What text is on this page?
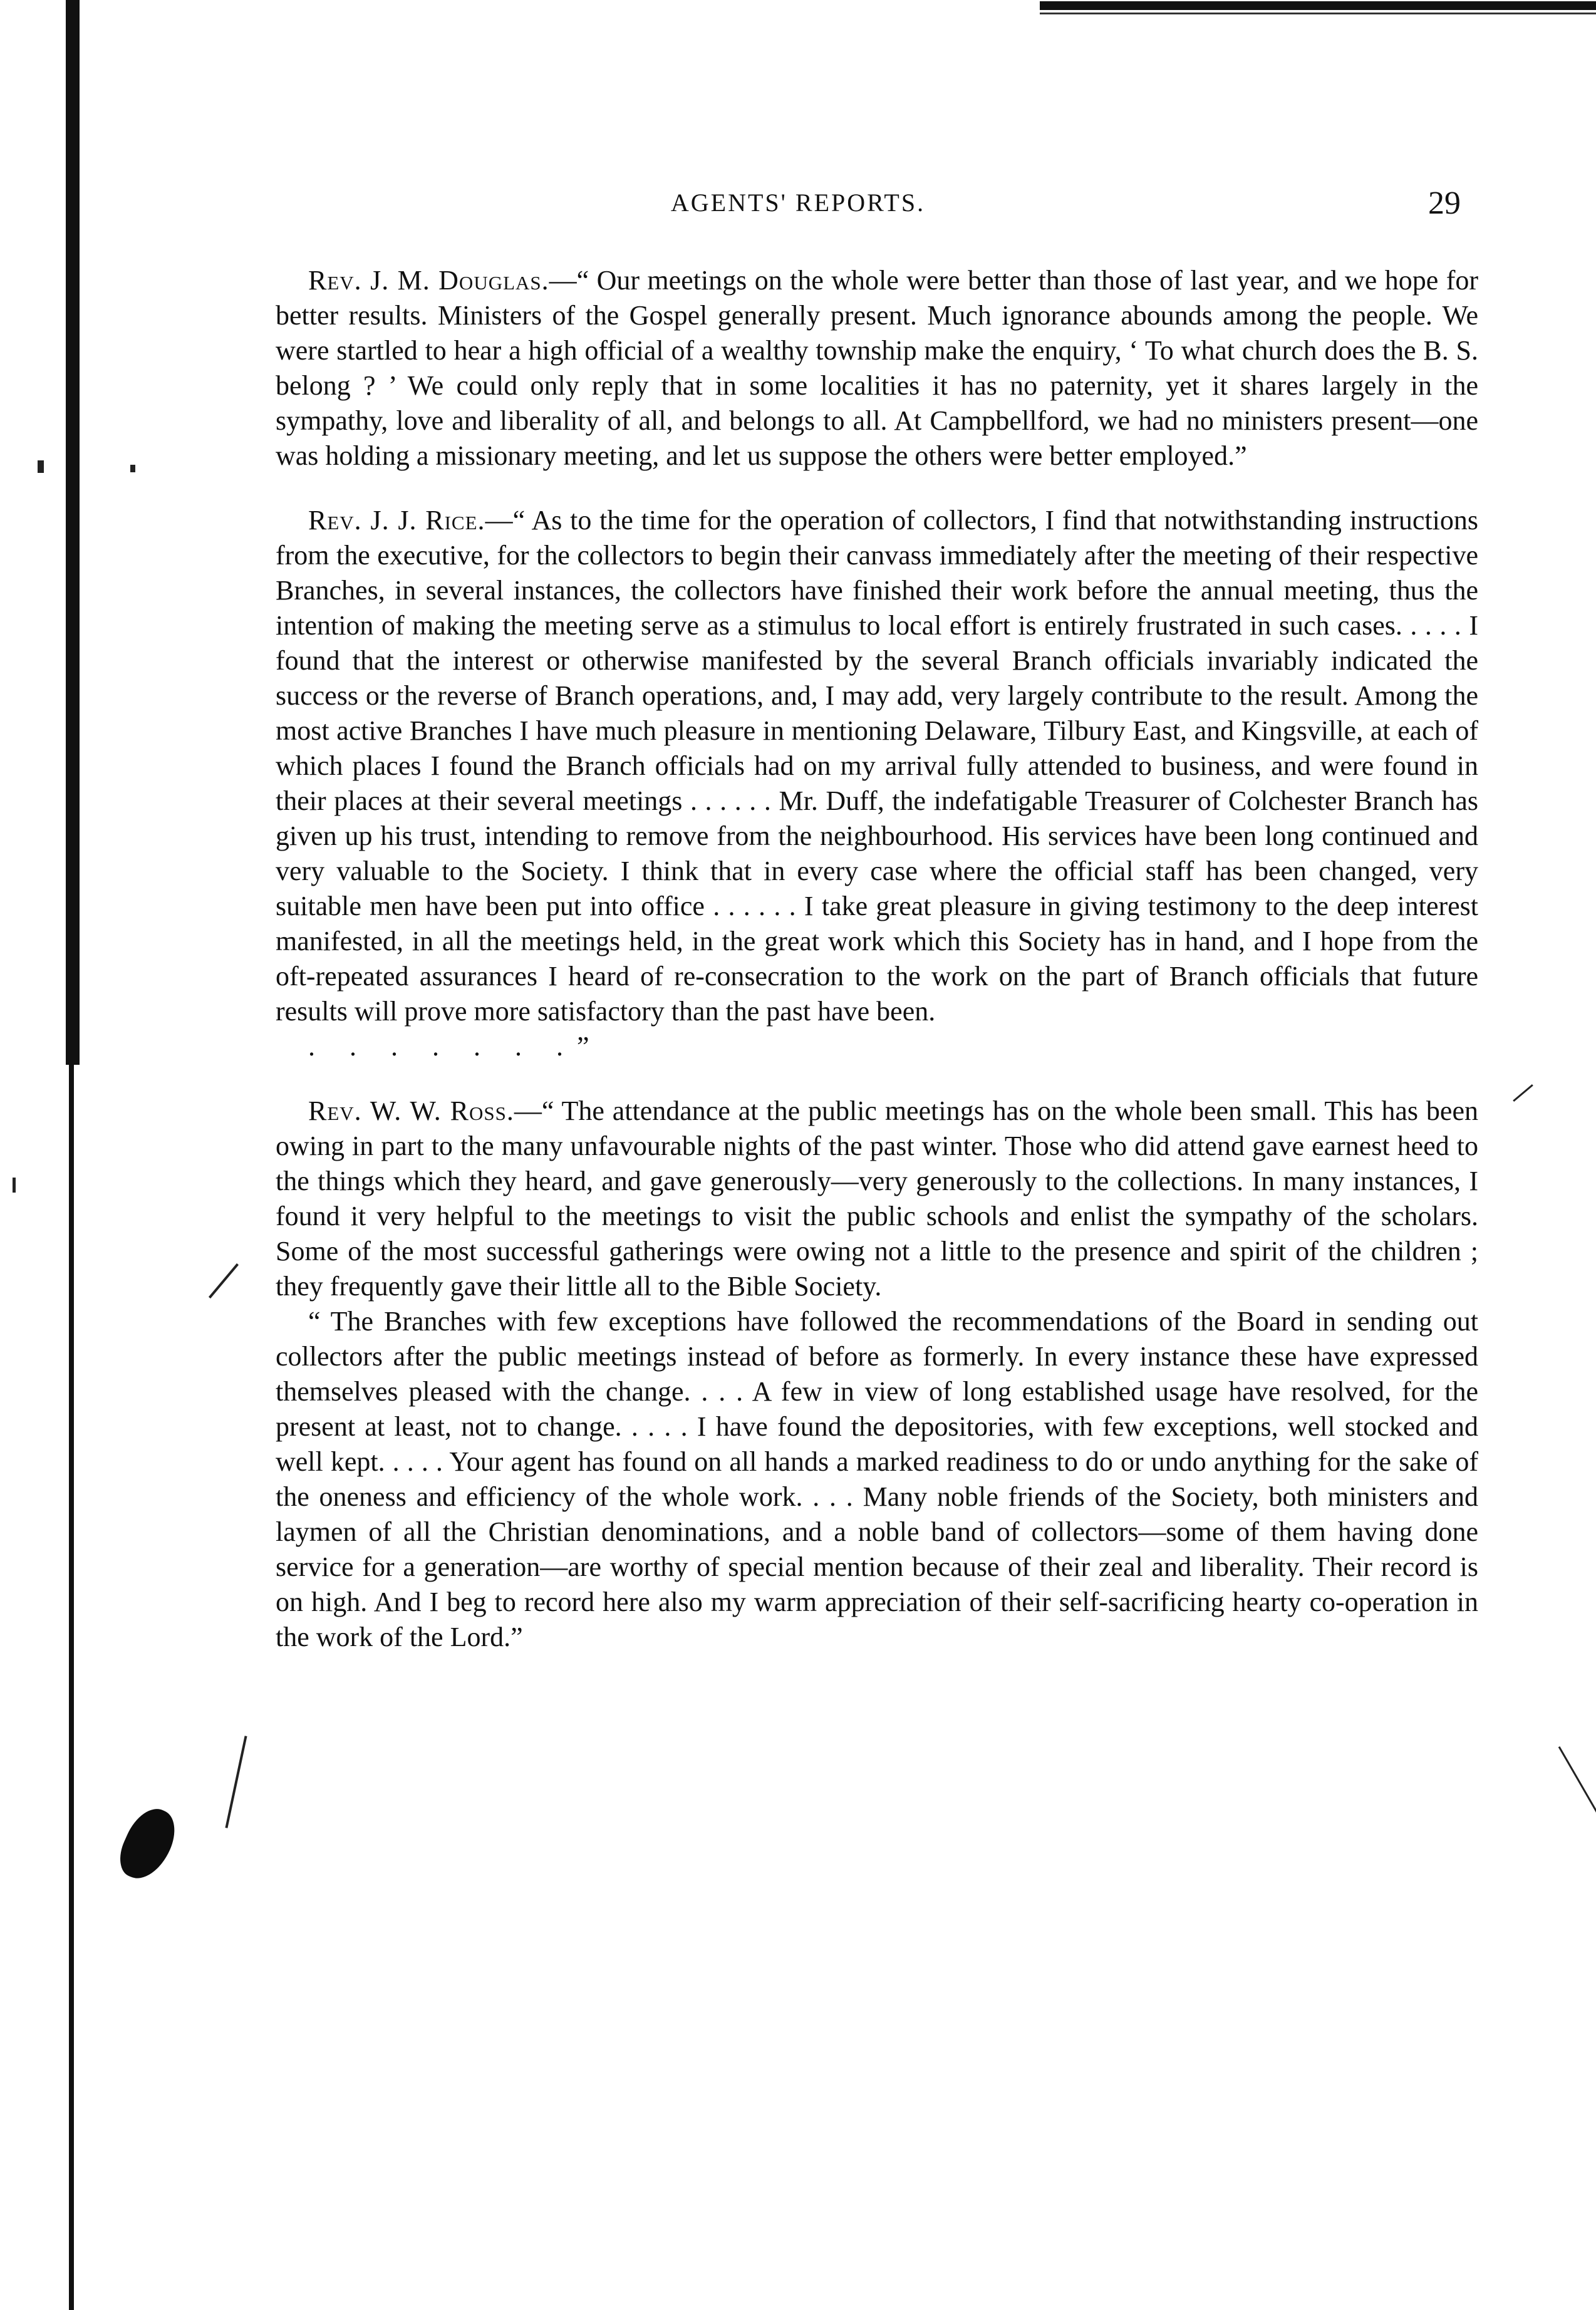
AGENTS' REPORTS.	29

Rev. J. M. Douglas.—“ Our meetings on the whole were better than those of last year, and we hope for better results. Ministers of the Gospel generally present. Much ignorance abounds among the people. We were startled to hear a high official of a wealthy township make the enquiry, ‘ To what church does the B. S. belong ? ’ We could only reply that in some localities it has no paternity, yet it shares largely in the sympathy, love and liberality of all, and belongs to all. At Campbellford, we had no ministers present—one was holding a missionary meeting, and let us suppose the others were better employed.”

Rev. J. J. Rice.—“ As to the time for the operation of collectors, I find that notwithstanding instructions from the executive, for the collectors to begin their canvass immediately after the meeting of their respective Branches, in several instances, the collectors have finished their work before the annual meeting, thus the intention of making the meeting serve as a stimulus to local effort is entirely frustrated in such cases. . . . . I found that the interest or otherwise manifested by the several Branch officials invariably indicated the success or the reverse of Branch operations, and, I may add, very largely contribute to the result. Among the most active Branches I have much pleasure in mentioning Delaware, Tilbury East, and Kingsville, at each of which places I found the Branch officials had on my arrival fully attended to business, and were found in their places at their several meetings . . . . . . Mr. Duff, the indefatigable Treasurer of Colchester Branch has given up his trust, intending to remove from the neighbourhood. His services have been long continued and very valuable to the Society. I think that in every case where the official staff has been changed, very suitable men have been put into office . . . . . . I take great pleasure in giving testimony to the deep interest manifested, in all the meetings held, in the great work which this Society has in hand, and I hope from the oft-repeated assurances I heard of re-consecration to the work on the part of Branch officials that future results will prove more satisfactory than the past have been.

. . . . . . .”

Rev. W. W. Ross.—“ The attendance at the public meetings has on the whole been small. This has been owing in part to the many unfavourable nights of the past winter. Those who did attend gave earnest heed to the things which they heard, and gave generously—very generously to the collections. In many instances, I found it very helpful to the meetings to visit the public schools and enlist the sympathy of the scholars. Some of the most successful gatherings were owing not a little to the presence and spirit of the children ; they frequently gave their little all to the Bible Society.

“ The Branches with few exceptions have followed the recommendations of the Board in sending out collectors after the public meetings instead of before as formerly. In every instance these have expressed themselves pleased with the change. . . . A few in view of long established usage have resolved, for the present at least, not to change. . . . . I have found the depositories, with few exceptions, well stocked and well kept. . . . . Your agent has found on all hands a marked readiness to do or undo anything for the sake of the oneness and efficiency of the whole work. . . . Many noble friends of the Society, both ministers and laymen of all the Christian denominations, and a noble band of collectors—some of them having done service for a generation—are worthy of special mention because of their zeal and liberality. Their record is on high. And I beg to record here also my warm appreciation of their self-sacrificing hearty co-operation in the work of the Lord.”
